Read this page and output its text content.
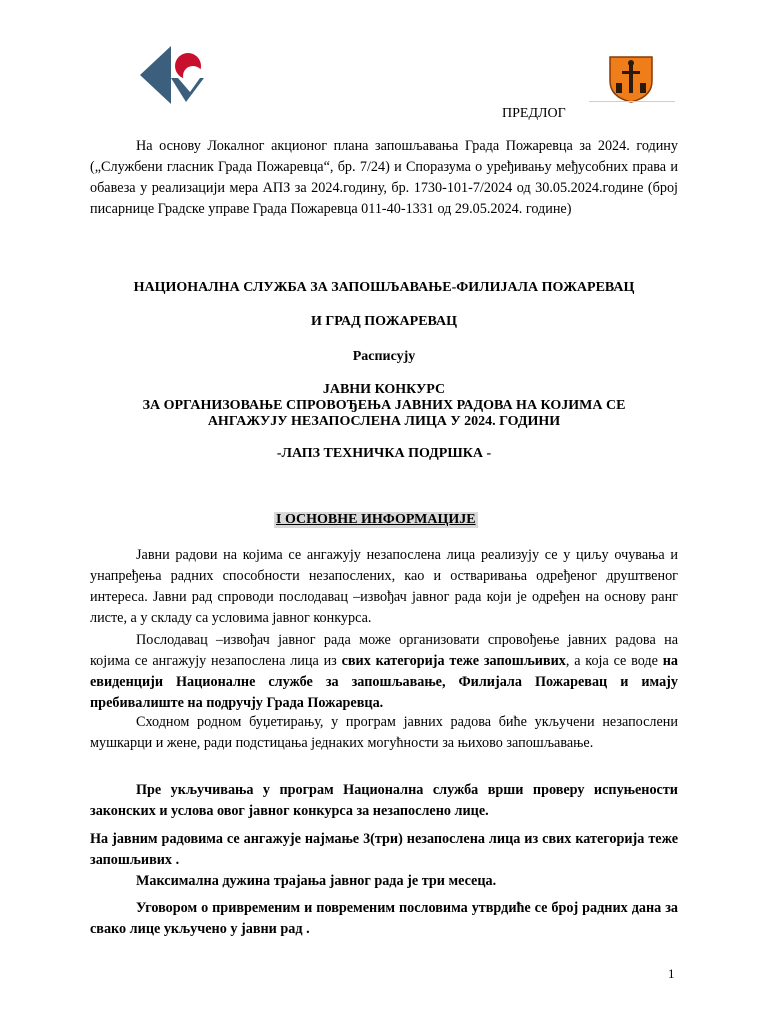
ПРЕДЛОГ

На основу Локалног акционог плана запошљавања Града Пожаревца за 2024. годину („Службени гласник Града Пожаревца“, бр. 7/24) и Споразума о уређивању међусобних права и обавеза у реализацији мера АПЗ за 2024.годину, бр. 1730-101-7/2024 од 30.05.2024.године (број писарнице Градске управе Града Пожаревца 011-40-1331 од 29.05.2024. године)

НАЦИОНАЛНА СЛУЖБА ЗА ЗАПОШЉАВАЊЕ-ФИЛИЈАЛА ПОЖАРЕВАЦ

И ГРАД ПОЖАРЕВАЦ

Расписују

ЈАВНИ КОНКУРС
ЗА ОРГАНИЗОВАЊЕ СПРОВОЂЕЊА ЈАВНИХ РАДОВА НА КОЈИМА СЕ
АНГАЖУЈУ НЕЗАПОСЛЕНА ЛИЦА У 2024. ГОДИНИ

-ЛАПЗ ТЕХНИЧКА ПОДРШКА -

I ОСНОВНЕ ИНФОРМАЦИЈЕ

Јавни радови на којима се ангажују незапослена лица реализују се у циљу очувања и унапређења радних способности незапослених, као и остваривања одређеног друштвеног интереса. Јавни рад спроводи послодавац –извођач јавног рада који је одређен на основу ранг листе, а у складу са условима јавног конкурса.

Послодавац –извођач јавног рада може организовати спровођење јавних радова на којима се ангажују незапослена лица из свих категорија теже запошљивих, а која се воде на евиденцији Националне службе за запошљавање, Филијала Пожаревац и имају пребивалиште на подручју Града Пожаревца.

Сходном родном буџетирању, у програм јавних радова биће укључени незапослени мушкарци и жене, ради подстицања једнаких могућности за њихово запошљавање.

Пре укључивања у програм Национална служба врши проверу испуњености законских и услова овог јавног конкурса за незапослено лице.

На јавним радовима се ангажује најмање 3(три) незапослена лица из свих категорија теже запошљивих .

Максимална дужина трајања јавног рада је три месеца.

Уговором о привременим и повременим пословима утврдиће се број радних дана за свако лице укључено у јавни рад .

1
